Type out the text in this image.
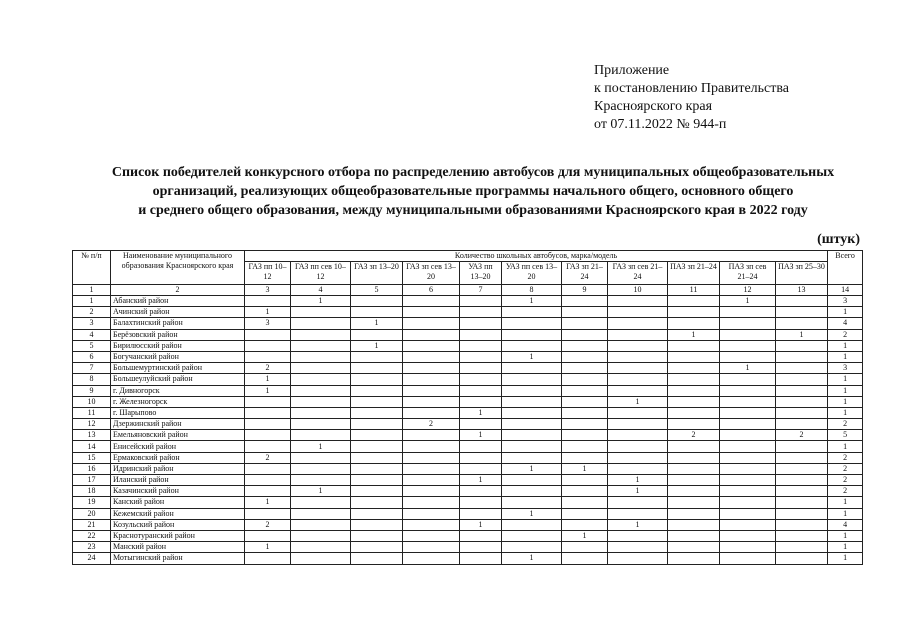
Приложение
к постановлению Правительства
Красноярского края
от 07.11.2022 № 944-п
Список победителей конкурсного отбора по распределению автобусов для муниципальных общеобразовательных
организаций, реализующих общеобразовательные программы начального общего, основного общего
и среднего общего образования, между муниципальными образованиями Красноярского края в 2022 году
(штук)
№ п/п	Наименование муниципального образования Красноярского края	Количество школьных автобусов, марка/модель											Всего
		ГАЗ пп 10–12	ГАЗ пп сев 10–12	ГАЗ зп 13–20	ГАЗ зп сев 13–20	УАЗ пп 13–20	УАЗ пп сев 13–20	ГАЗ зп 21–24	ГАЗ зп сев 21–24	ПАЗ зп 21–24	ПАЗ зп сев 21–24	ПАЗ зп 25–30	
1	2	3	4	5	6	7	8	9	10	11	12	13	14
1	Абанский район		1				1				1		3
2	Ачинский район	1											1
3	Балахтинский район	3		1									4
4	Берёзовский район									1		1	2
5	Бирилюсский район			1									1
6	Богучанский район						1						1
7	Большемуртинский район	2									1		3
8	Большеулуйский район	1											1
9	г. Дивногорск	1											1
10	г. Железногорск								1				1
11	г. Шарыпово					1							1
12	Дзержинский район				2								2
13	Емельяновский район					1				2		2	5
14	Енисейский район		1										1
15	Ермаковский район	2											2
16	Идринский район						1	1					2
17	Иланский район					1			1				2
18	Казачинский район		1						1				2
19	Канский район	1											1
20	Кежемский район						1						1
21	Козульский район	2				1			1				4
22	Краснотуранский район							1					1
23	Манский район	1											1
24	Мотыгинский район						1						1
